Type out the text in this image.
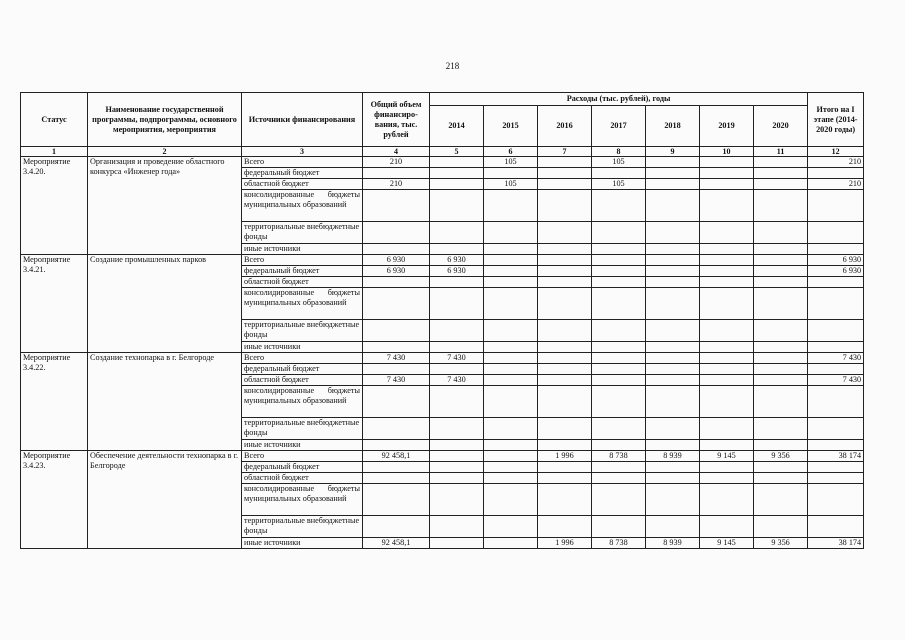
218
Статус	Наименование государственной программы, подпрограммы, основного мероприятия, мероприятия	Источники финансирования	Общий объем финансиро-вания, тыс. рублей	Расходы (тыс. рублей), годы							Итого на I этапе (2014-2020 годы)
				2014	2015	2016	2017	2018	2019	2020	
1	2	3	4	5	6	7	8	9	10	11	12
Мероприятие 3.4.20.	Организация и проведение областного конкурса «Инженер года»	Всего	210		105		105				210
		федеральный бюджет									
		областной бюджет	210		105		105				210
		консолидированные бюджеты муниципальных образований									
		территориальные внебюджетные фонды									
		иные источники									
Мероприятие 3.4.21.	Создание промышленных парков	Всего	6 930	6 930							6 930
		федеральный бюджет	6 930	6 930							6 930
		областной бюджет									
		консолидированные бюджеты муниципальных образований									
		территориальные внебюджетные фонды									
		иные источники									
Мероприятие 3.4.22.	Создание технопарка в г. Белгороде	Всего	7 430	7 430							7 430
		федеральный бюджет									
		областной бюджет	7 430	7 430							7 430
		консолидированные бюджеты муниципальных образований									
		территориальные внебюджетные фонды									
		иные источники									
Мероприятие 3.4.23.	Обеспечение деятельности технопарка в г. Белгороде	Всего	92 458,1			1 996	8 738	8 939	9 145	9 356	38 174
		федеральный бюджет									
		областной бюджет									
		консолидированные бюджеты муниципальных образований									
		территориальные внебюджетные фонды									
		иные источники	92 458,1			1 996	8 738	8 939	9 145	9 356	38 174
